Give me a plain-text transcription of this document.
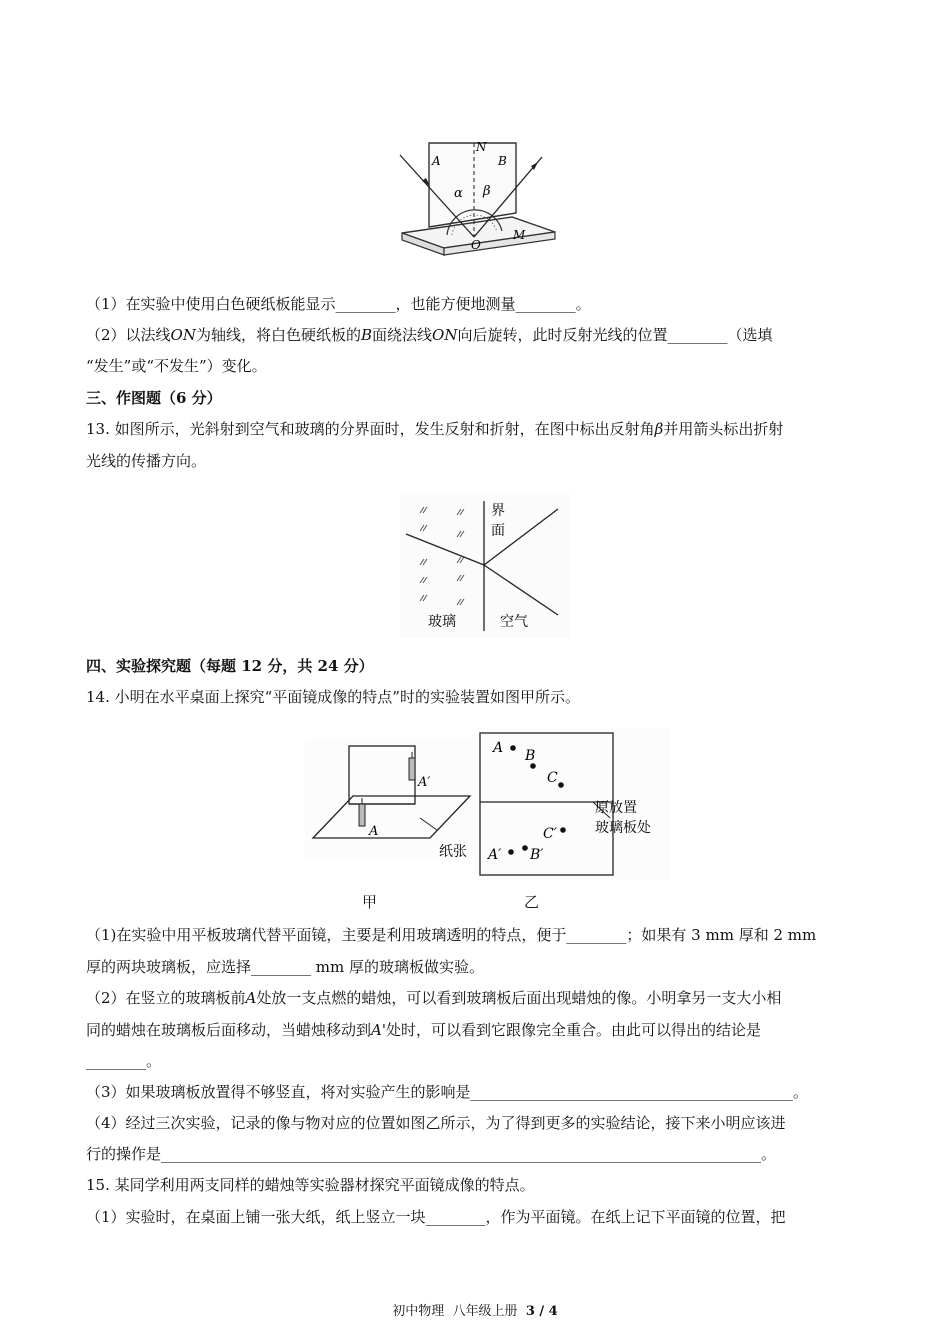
A
N
B
α β
O
M
（1）在实验中使用白色硬纸板能显示________，也能方便地测量________。
（2）以法线ON为轴线，将白色硬纸板的B面绕法线ON向后旋转，此时反射光线的位置________（选填
“发生”或“不发生”）变化。
三、作图题（6 分）
13. 如图所示，光斜射到空气和玻璃的分界面时，发生反射和折射，在图中标出反射角β并用箭头标出折射
光线的传播方向。
界
面
玻璃	空气
四、实验探究题（每题 12 分，共 24 分）
14. 小明在水平桌面上探究“平面镜成像的特点”时的实验装置如图甲所示。
A′
A
纸张
A B
C
A′ B′
C′
原放置
玻璃板处
甲	乙
（1)在实验中用平板玻璃代替平面镜，主要是利用玻璃透明的特点，便于________；如果有 3 mm 厚和 2 mm
厚的两块玻璃板，应选择________ mm 厚的玻璃板做实验。
（2）在竖立的玻璃板前A处放一支点燃的蜡烛，可以看到玻璃板后面出现蜡烛的像。小明拿另一支大小相
同的蜡烛在玻璃板后面移动，当蜡烛移动到A'处时，可以看到它跟像完全重合。由此可以得出的结论是
________。
（3）如果玻璃板放置得不够竖直，将对实验产生的影响是___________________________________________。
（4）经过三次实验，记录的像与物对应的位置如图乙所示，为了得到更多的实验结论，接下来小明应该进
行的操作是________________________________________________________________________________。
15. 某同学利用两支同样的蜡烛等实验器材探究平面镜成像的特点。
（1）实验时，在桌面上铺一张大纸，纸上竖立一块________，作为平面镜。在纸上记下平面镜的位置，把
初中物理 八年级上册 3 / 4
